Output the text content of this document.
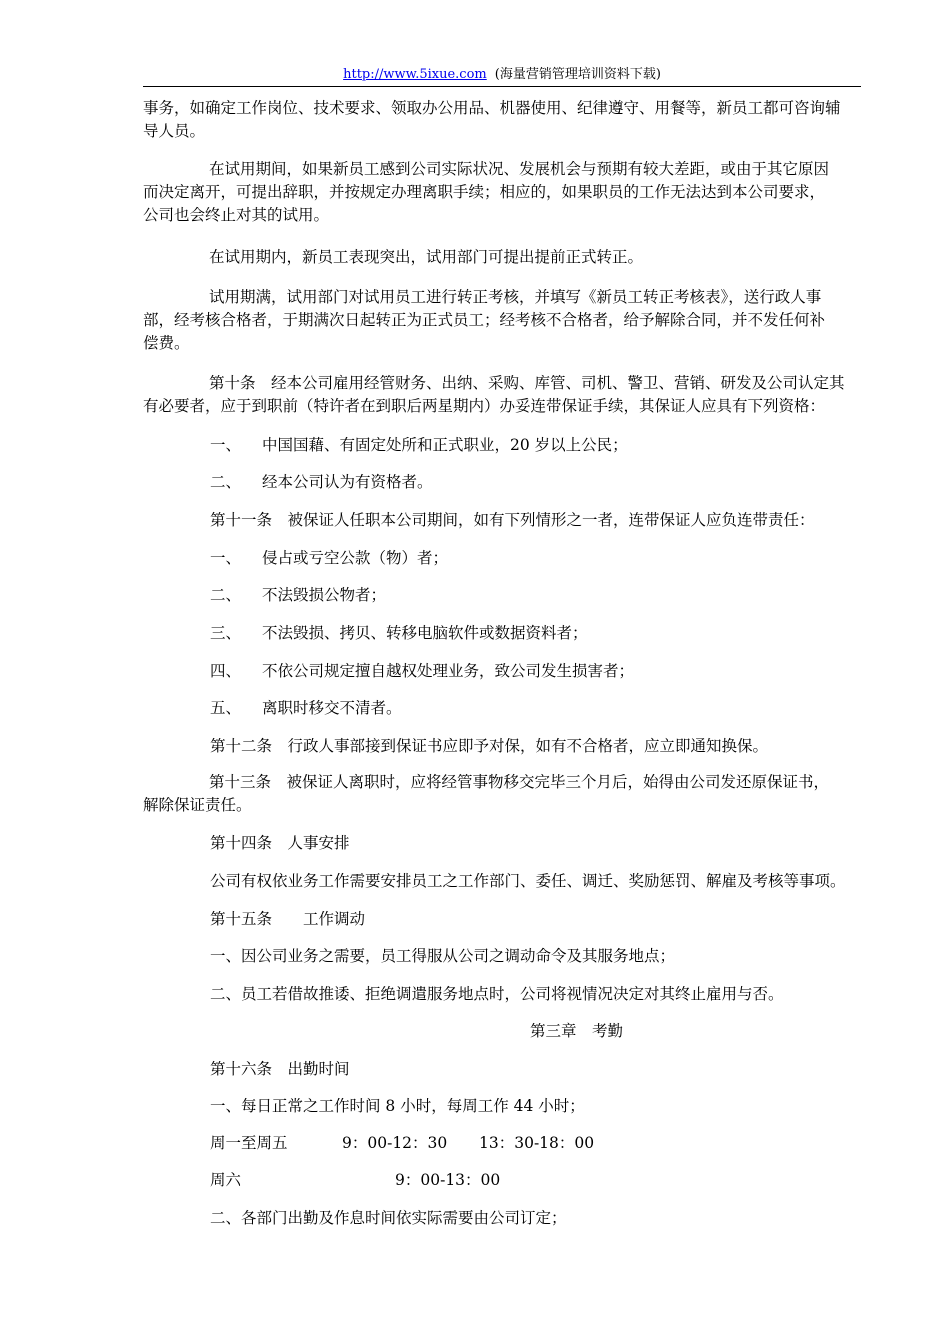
http://www.5ixue.com (海量营销管理培训资料下载)
事务，如确定工作岗位、技术要求、领取办公用品、机器使用、纪律遵守、用餐等，新员工都可咨询辅
导人员。
在试用期间，如果新员工感到公司实际状况、发展机会与预期有较大差距，或由于其它原因
而决定离开，可提出辞职，并按规定办理离职手续；相应的，如果职员的工作无法达到本公司要求，
公司也会终止对其的试用。
在试用期内，新员工表现突出，试用部门可提出提前正式转正。
试用期满，试用部门对试用员工进行转正考核，并填写《新员工转正考核表》，送行政人事
部，经考核合格者，于期满次日起转正为正式员工；经考核不合格者，给予解除合同，并不发任何补
偿费。
第十条　经本公司雇用经管财务、出纳、采购、库管、司机、警卫、营销、研发及公司认定其
有必要者，应于到职前（特许者在到职后两星期内）办妥连带保证手续，其保证人应具有下列资格：
一、 中国国藉、有固定处所和正式职业，20 岁以上公民；
二、 经本公司认为有资格者。
第十一条　被保证人任职本公司期间，如有下列情形之一者，连带保证人应负连带责任：
一、 侵占或亏空公款（物）者；
二、 不法毁损公物者；
三、 不法毁损、拷贝、转移电脑软件或数据资料者；
四、 不依公司规定擅自越权处理业务，致公司发生损害者；
五、 离职时移交不清者。
第十二条　行政人事部接到保证书应即予对保，如有不合格者，应立即通知换保。
第十三条　被保证人离职时，应将经管事物移交完毕三个月后，始得由公司发还原保证书，
解除保证责任。
第十四条　人事安排
公司有权依业务工作需要安排员工之工作部门、委任、调迁、奖励惩罚、解雇及考核等事项。
第十五条　　工作调动
一、因公司业务之需要，员工得服从公司之调动命令及其服务地点；
二、员工若借故推诿、拒绝调遣服务地点时，公司将视情况决定对其终止雇用与否。
第三章　考勤
第十六条　出勤时间
一、每日正常之工作时间 8 小时，每周工作 44 小时；
周一至周五	9：00-12：30 13：30-18：00
周六	9：00-13：00
二、各部门出勤及作息时间依实际需要由公司订定；
